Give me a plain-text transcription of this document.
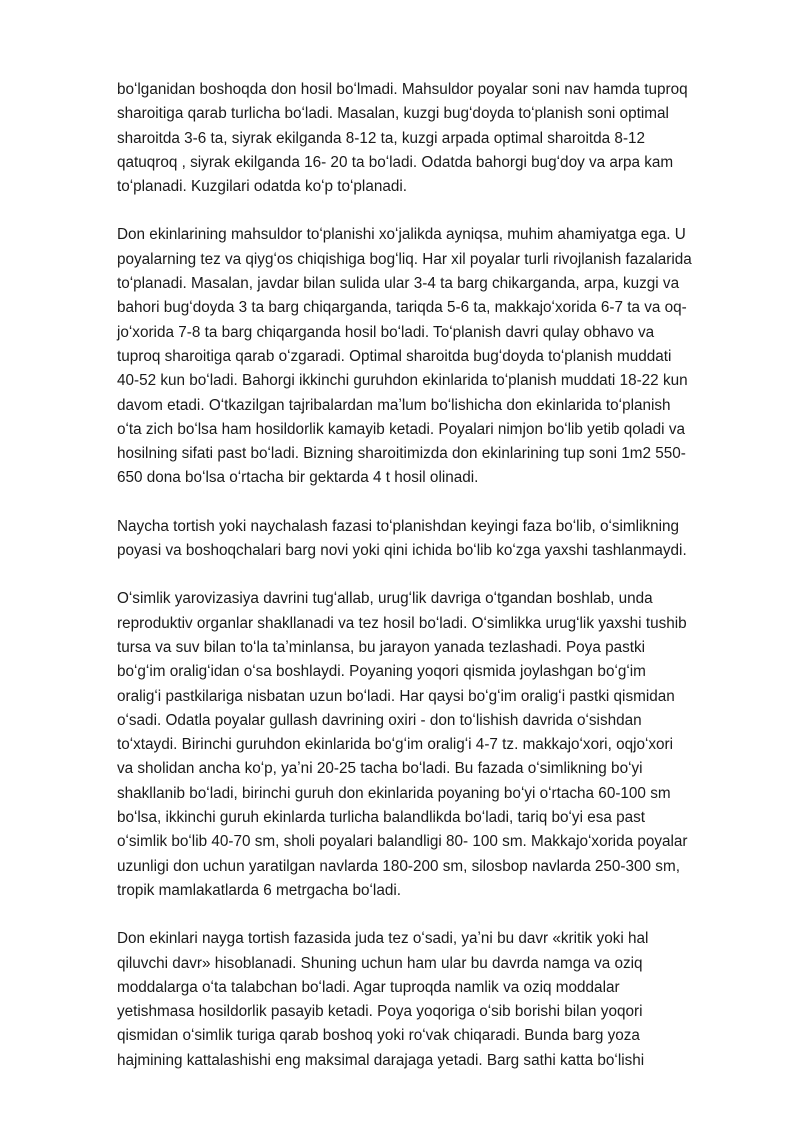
boʻlganidan boshoqda don hosil boʻlmadi. Mahsuldor poyalar soni nav hamda tuproq
sharoitiga qarab turlicha boʻladi. Masalan, kuzgi bugʻdoyda toʻplanish soni optimal
sharoitda 3-6 ta, siyrak ekilganda 8-12 ta, kuzgi arpada optimal sharoitda 8-12
qatuqroq , siyrak ekilganda 16- 20 ta boʻladi. Odatda bahorgi bugʻdoy va arpa kam
toʻplanadi. Kuzgilari odatda koʻp toʻplanadi.

Don ekinlarining mahsuldor toʻplanishi xoʻjalikda ayniqsa, muhim ahamiyatga ega. U
poyalarning tez va qiygʻos chiqishiga bogʻliq. Har xil poyalar turli rivojlanish fazalarida
toʻplanadi. Masalan, javdar bilan sulida ular 3-4 ta barg chikarganda, arpa, kuzgi va
bahori bugʻdoyda 3 ta barg chiqarganda, tariqda 5-6 ta, makkajoʻxorida 6-7 ta va oq-
joʻxorida 7-8 ta barg chiqarganda hosil boʻladi. Toʻplanish davri qulay obhavo va
tuproq sharoitiga qarab oʻzgaradi. Optimal sharoitda bugʻdoyda toʻplanish muddati
40-52 kun boʻladi. Bahorgi ikkinchi guruhdon ekinlarida toʻplanish muddati 18-22 kun
davom etadi. Oʻtkazilgan tajribalardan maʼlum boʻlishicha don ekinlarida toʻplanish
oʻta zich boʻlsa ham hosildorlik kamayib ketadi. Poyalari nimjon boʻlib yetib qoladi va
hosilning sifati past boʻladi. Bizning sharoitimizda don ekinlarining tup soni 1m2 550-
650 dona boʻlsa oʻrtacha bir gektarda 4 t hosil olinadi.

Naycha tortish yoki naychalash fazasi toʻplanishdan keyingi faza boʻlib, oʻsimlikning
poyasi va boshoqchalari barg novi yoki qini ichida boʻlib koʻzga yaxshi tashlanmaydi.

Oʻsimlik yarovizasiya davrini tugʻallab, urugʻlik davriga oʻtgandan boshlab, unda
reproduktiv organlar shakllanadi va tez hosil boʻladi. Oʻsimlikka urugʻlik yaxshi tushib
tursa va suv bilan toʻla taʼminlansa, bu jarayon yanada tezlashadi. Poya pastki
boʻgʻim oraligʻidan oʻsa boshlaydi. Poyaning yoqori qismida joylashgan boʻgʻim
oraligʻi pastkilariga nisbatan uzun boʻladi. Har qaysi boʻgʻim oraligʻi pastki qismidan
oʻsadi. Odatla poyalar gullash davrining oxiri - don toʻlishish davrida oʻsishdan
toʻxtaydi. Birinchi guruhdon ekinlarida boʻgʻim oraligʻi 4-7 tz. makkajoʻxori, oqjoʻxori
va sholidan ancha koʻp, yaʼni 20-25 tacha boʻladi. Bu fazada oʻsimlikning boʻyi
shakllanib boʻladi, birinchi guruh don ekinlarida poyaning boʻyi oʻrtacha 60-100 sm
boʻlsa, ikkinchi guruh ekinlarda turlicha balandlikda boʻladi, tariq boʻyi esa past
oʻsimlik boʻlib 40-70 sm, sholi poyalari balandligi 80- 100 sm. Makkajoʻxorida poyalar
uzunligi don uchun yaratilgan navlarda 180-200 sm, silosbop navlarda 250-300 sm,
tropik mamlakatlarda 6 metrgacha boʻladi.

Don ekinlari nayga tortish fazasida juda tez oʻsadi, yaʼni bu davr «kritik yoki hal
qiluvchi davr» hisoblanadi. Shuning uchun ham ular bu davrda namga va oziq
moddalarga oʻta talabchan boʻladi. Agar tuproqda namlik va oziq moddalar
yetishmasa hosildorlik pasayib ketadi. Poya yoqoriga oʻsib borishi bilan yoqori
qismidan oʻsimlik turiga qarab boshoq yoki roʻvak chiqaradi. Bunda barg yoza
hajmining kattalashishi eng maksimal darajaga yetadi. Barg sathi katta boʻlishi
